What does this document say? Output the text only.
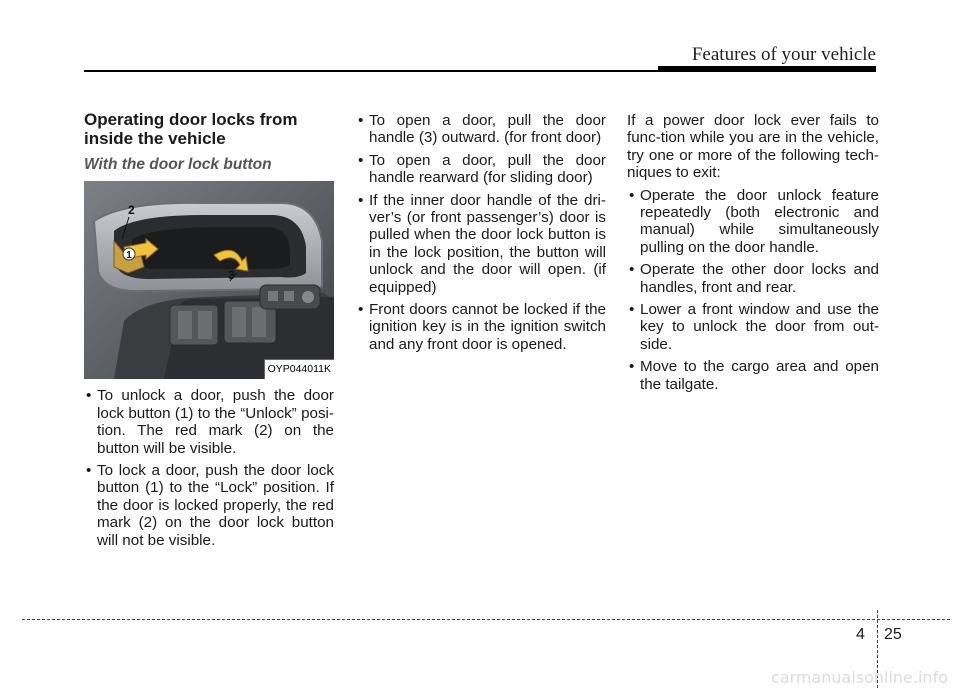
Features of your vehicle
Operating door locks from inside the vehicle
With the door lock button
1
2
3
OYP044011K
• To unlock a door, push the door lock button (1) to the “Unlock” posi-tion. The red mark (2) on the button will be visible.
• To lock a door, push the door lock button (1) to the “Lock” position. If the door is locked properly, the red mark (2) on the door lock button will not be visible.
• To open a door, pull the door handle (3) outward. (for front door)
• To open a door, pull the door handle rearward (for sliding door)
• If the inner door handle of the dri-ver’s (or front passenger’s) door is pulled when the door lock button is in the lock position, the button will unlock and the door will open. (if equipped)
• Front doors cannot be locked if the ignition key is in the ignition switch and any front door is opened.

If a power door lock ever fails to func-tion while you are in the vehicle, try one or more of the following tech-niques to exit:

• Operate the door unlock feature repeatedly (both electronic and manual) while simultaneously pulling on the door handle.
• Operate the other door locks and handles, front and rear.
• Lower a front window and use the key to unlock the door from out-side.
• Move to the cargo area and open the tailgate.
4 25
carmanualsonline.info
